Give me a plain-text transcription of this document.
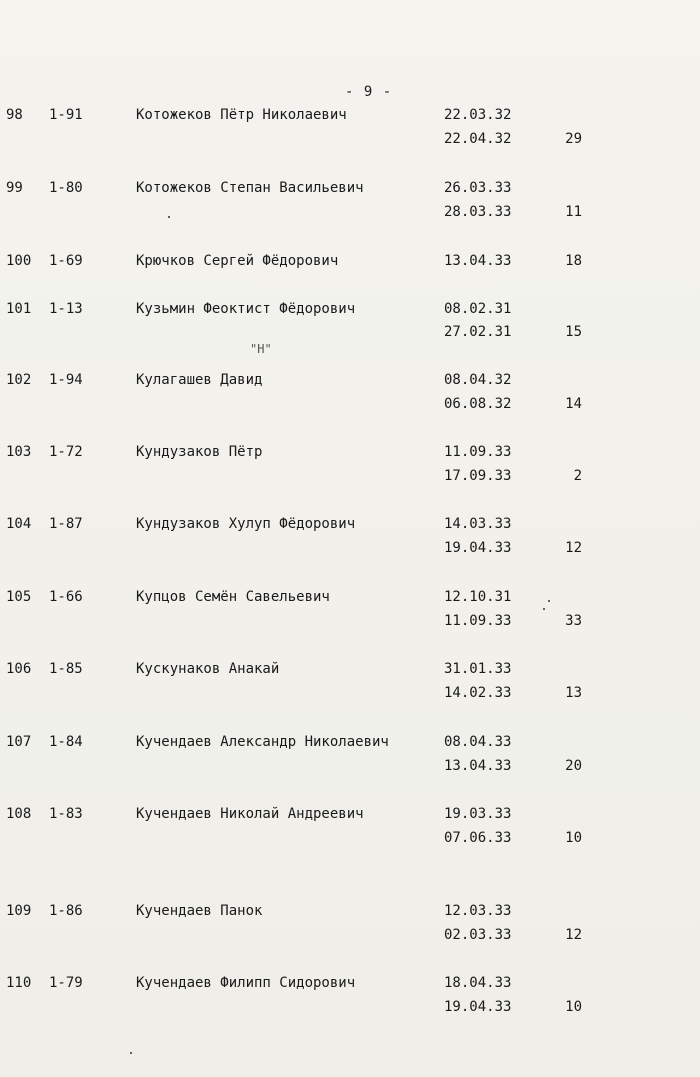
- 9 -
"Н"
98 1-91	Котожеков Пётр Николаевич	22.03.32
22.04.32	29
99 1-80	Котожеков Степан Васильевич	26.03.33
28.03.33	11
100 1-69	Крючков Сергей Фёдорович	13.04.33	18
101 1-13	Кузьмин Феоктист Фёдорович	08.02.31
27.02.31	15
102 1-94	Кулагашев Давид	08.04.32
06.08.32	14
103 1-72	Кундузаков Пётр	11.09.33
17.09.33	2
104 1-87	Кундузаков Хулуп Фёдорович	14.03.33
19.04.33	12
105 1-66	Купцов Семён Савельевич	12.10.31
11.09.33	33
106 1-85	Кускунаков Анакай	31.01.33
14.02.33	13
107 1-84	Кучендаев Александр Николаевич	08.04.33
13.04.33	20
108 1-83	Кучендаев Николай Андреевич	19.03.33
07.06.33	10
109 1-86	Кучендаев Панок	12.03.33
02.03.33	12
110 1-79	Кучендаев Филипп Сидорович	18.04.33
19.04.33	10
